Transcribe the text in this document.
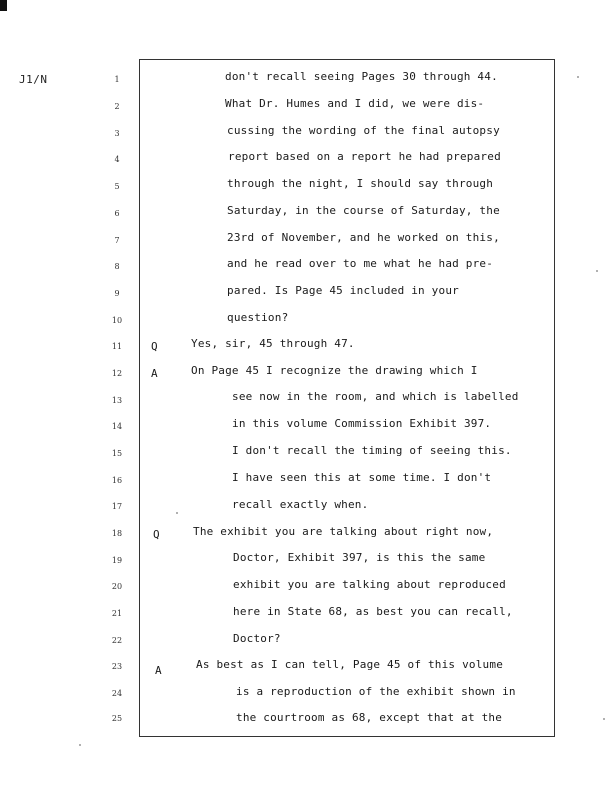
J1/N	1
2
3
4
5
6
7
8
9
10
11
12
13
14
15
16
17
18
19
20
21
22
23
24
25
Q
A
Q
A
don't recall seeing Pages 30 through 44.
What Dr. Humes and I did, we were dis-
cussing the wording of the final autopsy
report based on a report he had prepared
through the night, I should say through
Saturday, in the course of Saturday, the
23rd of November, and he worked on this,
and he read over to me what he had pre-
pared. Is Page 45 included in your
question?
Yes, sir, 45 through 47.
On Page 45 I recognize the drawing which I
see now in the room, and which is labelled
in this volume Commission Exhibit 397.
I don't recall the timing of seeing this.
I have seen this at some time. I don't
recall exactly when.
The exhibit you are talking about right now,
Doctor, Exhibit 397, is this the same
exhibit you are talking about reproduced
here in State 68, as best you can recall,
Doctor?
As best as I can tell, Page 45 of this volume
is a reproduction of the exhibit shown in
the courtroom as 68, except that at the
